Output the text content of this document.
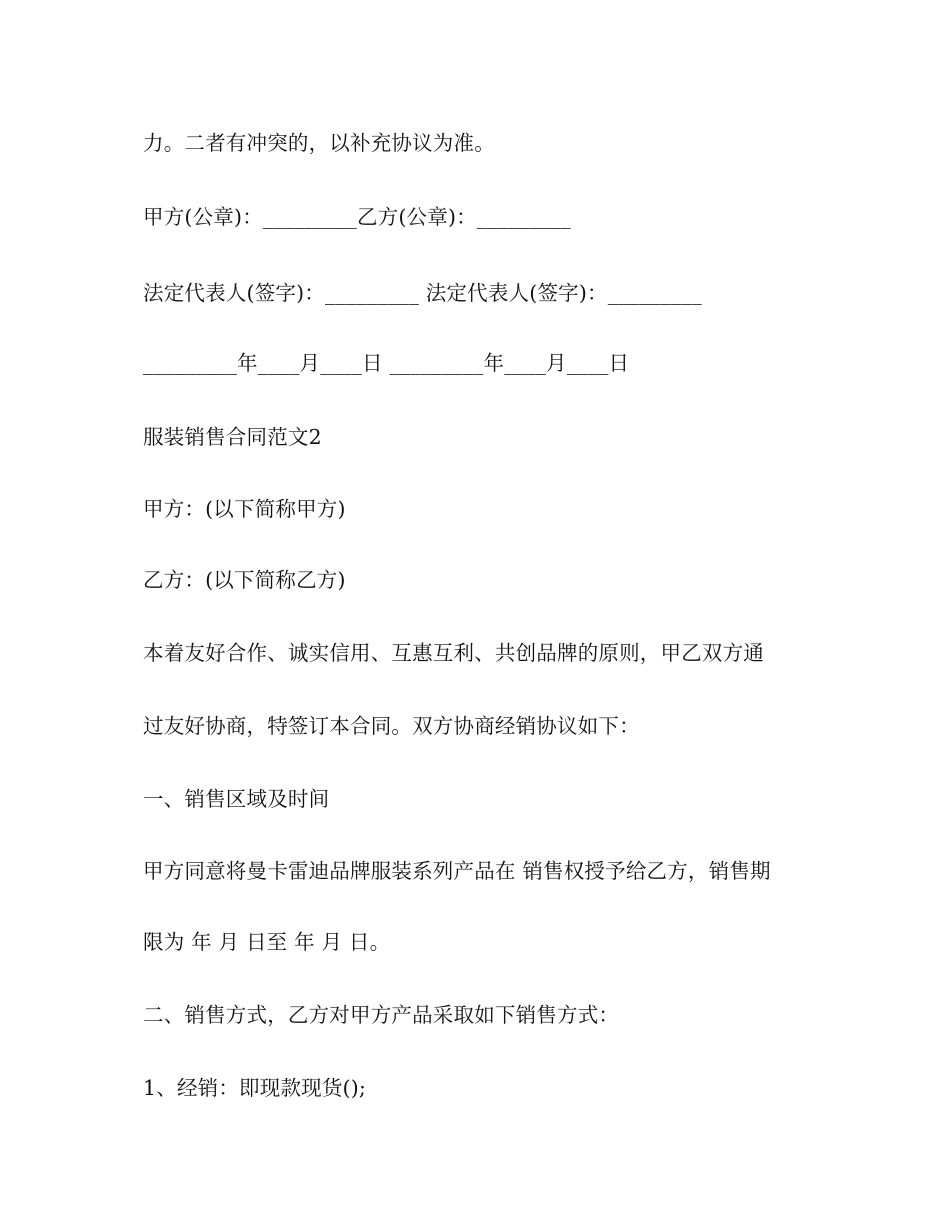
力。二者有冲突的，以补充协议为准。

甲方(公章)：_________乙方(公章)：_________

法定代表人(签字)：_________ 法定代表人(签字)：_________

_________年____月____日 _________年____月____日

服装销售合同范文2

甲方：(以下简称甲方)

乙方：(以下简称乙方)

本着友好合作、诚实信用、互惠互利、共创品牌的原则，甲乙双方通

过友好协商，特签订本合同。双方协商经销协议如下：

一、销售区域及时间

甲方同意将曼卡雷迪品牌服装系列产品在 销售权授予给乙方，销售期

限为 年 月 日至 年 月 日。

二、销售方式，乙方对甲方产品采取如下销售方式：

1、经销：即现款现货();
